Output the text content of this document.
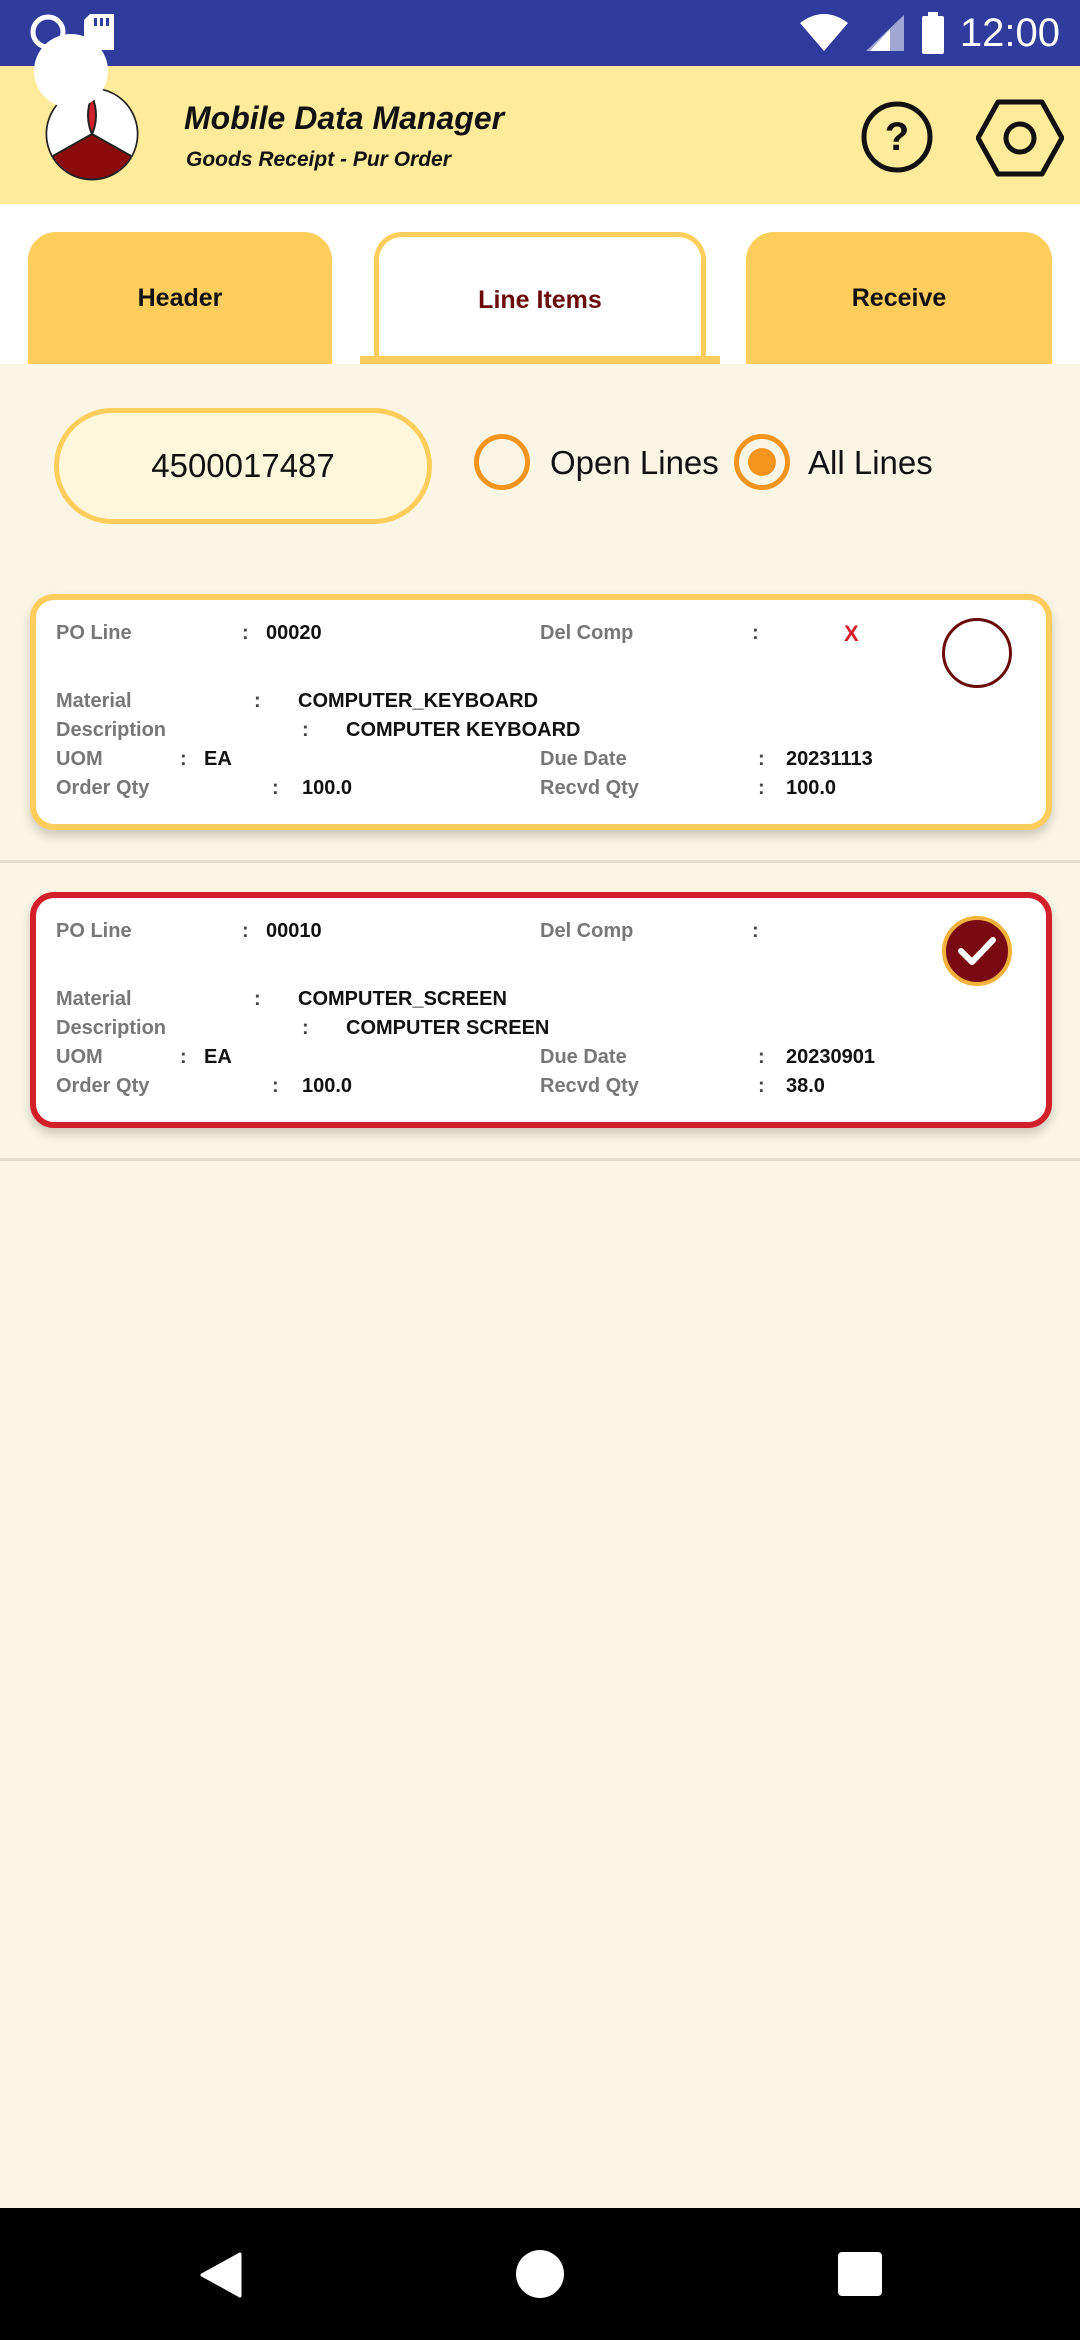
12:00
Mobile Data Manager
Goods Receipt - Pur Order
?
Header	Line Items	Receive
4500017487	Open Lines	All Lines
PO Line	: 00020	Del Comp	:	X
Material	: COMPUTER_KEYBOARD
Description	: COMPUTER KEYBOARD
UOM	: EA	Due Date	: 20231113
Order Qty	: 100.0	Recvd Qty	: 100.0
PO Line	: 00010	Del Comp	:
Material	: COMPUTER_SCREEN
Description	: COMPUTER SCREEN
UOM	: EA	Due Date	: 20230901
Order Qty	: 100.0	Recvd Qty	: 38.0
